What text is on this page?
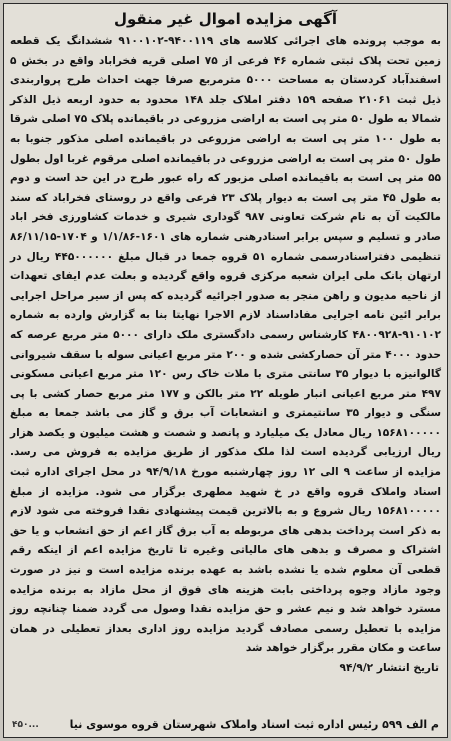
آگهی مزایده اموال غیر منقول
به موجب پرونده های اجرائی کلاسه های ۹۴۰۰۱۱۹-۹۱۰۰۱۰۲ ششدانگ یک قطعه زمین تحت پلاک ثبتی شماره ۴۶ فرعی از ۷۵ اصلی قریه فخراباد واقع در بخش ۵ اسفندآباد کردستان به مساحت ۵۰۰۰ مترمربع صرفا جهت احداث طرح پرواربندی ذیل ثبت ۲۱۰۶۱ صفحه ۱۵۹ دفتر املاک جلد ۱۴۸ محدود به حدود اربعه ذیل الذکر شمالا به طول ۵۰ متر پی است به اراضی مزروعی در باقیمانده پلاک ۷۵ اصلی شرقا به طول ۱۰۰ متر پی است به اراضی مزروعی در باقیمانده اصلی مذکور جنوبا به طول ۵۰ متر پی است به اراضی مزروعی در باقیمانده اصلی مرقوم غربا اول بطول ۵۵ متر پی است به باقیمانده اصلی مزبور که راه عبور طرح در این حد است و دوم به طول ۴۵ متر پی است به دیوار پلاک ۲۳ فرعی واقع در روستای فخراباد که سند مالکیت آن به نام شرکت تعاونی ۹۸۷ گوداری شیری و خدمات کشاورزی فخر اباد صادر و تسلیم و سپس برابر اسنادرهنی شماره های ۱۶۰۱-۱/۱/۸۶ و ۱۷۰۴-۸۶/۱۱/۱۵ تنظیمی دفتراسنادرسمی شماره ۵۱ قروه جمعا در قبال مبلغ ۴۴۵۰۰۰۰۰۰ ریال در ارتهان بانک ملی ایران شعبه مرکزی قروه واقع گردیده و بعلت عدم ایفای تعهدات از ناحیه مدیون و راهن منجر به صدور اجرائیه گردیده که پس از سیر مراحل اجرایی برابر ائین نامه اجرایی مفاداسناد لازم الاجرا نهایتا بنا به گزارش وارده به شماره ۹۱۰۱۰۲-۴۸۰۰۹۲۸ کارشناس رسمی دادگستری ملک دارای ۵۰۰۰ متر مربع عرصه که حدود ۴۰۰۰ متر آن حصارکشی شده و ۲۰۰ متر مربع اعیانی سوله با سقف شیروانی گالوانیزه با دیوار ۳۵ سانتی متری با ملات خاک رس ۱۲۰ متر مربع اعیانی مسکونی ۴۹۷ متر مربع اعیانی انبار طویله ۲۲ متر بالکن و ۱۷۷ متر مربع حصار کشی با پی سنگی و دیوار ۳۵ سانتیمتری و انشعابات آب برق و گاز می باشد جمعا به مبلغ ۱۵۶۸۱۰۰۰۰۰ ریال معادل یک میلیارد و پانصد و شصت و هشت میلیون و یکصد هزار ریال ارزیابی گردیده است لذا ملک مذکور از طریق مزایده به فروش می رسد. مزایده از ساعت ۹ الی ۱۲ روز چهارشنبه مورخ ۹۴/۹/۱۸ در محل اجرای اداره ثبت اسناد واملاک قروه واقع در خ شهید مطهری برگزار می شود. مزایده از مبلغ ۱۵۶۸۱۰۰۰۰۰ ریال شروع و به بالاترین قیمت پیشنهادی نقدا فروخته می شود لازم به ذکر است پرداخت بدهی های مربوطه به آب برق گاز اعم از حق انشعاب و یا حق اشتراک و مصرف و بدهی های مالیاتی وغیره تا تاریخ مزایده اعم از اینکه رقم قطعی آن معلوم شده یا نشده باشد به عهده برنده مزایده است و نیز در صورت وجود مازاد وجوه پرداختی بابت هزینه های فوق از محل مازاد به برنده مزایده مسترد خواهد شد و نیم عشر و حق مزایده نقدا وصول می گردد ضمنا چنانچه روز مزایده با تعطیل رسمی مصادف گردید مزایده روز اداری بعداز تعطیلی در همان ساعت و مکان مقرر برگزار خواهد شد
تاریخ انتشار ۹۴/۹/۲
م الف ۵۹۹ رئیس اداره ثبت اسناد واملاک شهرستان قروه موسوی نیا
۴۵۰...
